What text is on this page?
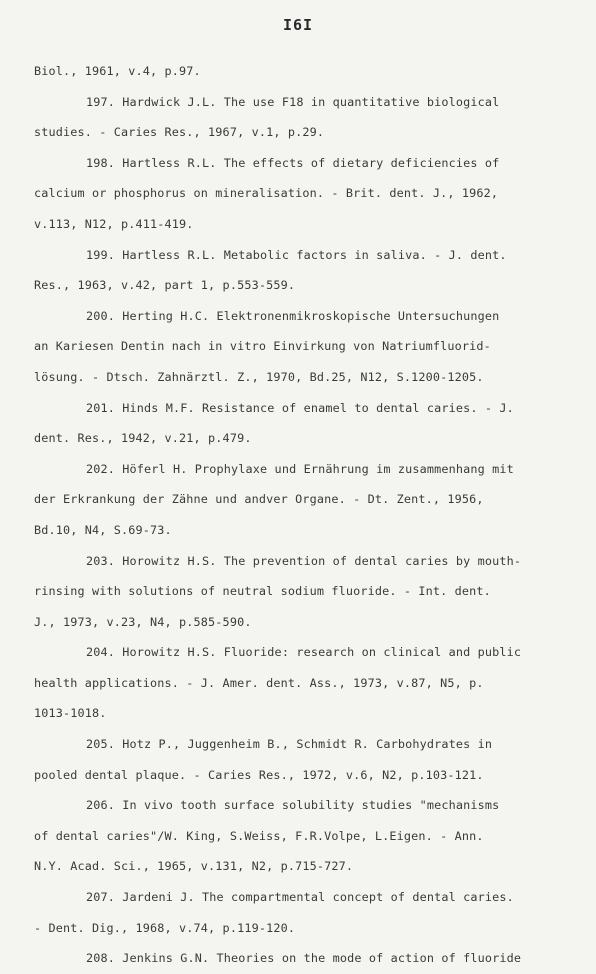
I6I
Biol., 1961, v.4, p.97.
197. Hardwick J.L. The use F18 in quantitative biological
studies. - Caries Res., 1967, v.1, p.29.
198. Hartless R.L. The effects of dietary deficiencies of
calcium or phosphorus on mineralisation. - Brit. dent. J., 1962,
v.113, N12, p.411-419.
199. Hartless R.L. Metabolic factors in saliva. - J. dent.
Res., 1963, v.42, part 1, p.553-559.
200. Herting H.C. Elektronenmikroskopische Untersuchungen
an Kariesen Dentin nach in vitro Einvirkung von Natriumfluorid-
lösung. - Dtsch. Zahnärztl. Z., 1970, Bd.25, N12, S.1200-1205.
201. Hinds M.F. Resistance of enamel to dental caries. - J.
dent. Res., 1942, v.21, p.479.
202. Höferl H. Prophylaxe und Ernährung im zusammenhang mit
der Erkrankung der Zähne und andver Organe. - Dt. Zent., 1956,
Bd.10, N4, S.69-73.
203. Horowitz H.S. The prevention of dental caries by mouth-
rinsing with solutions of neutral sodium fluoride. - Int. dent.
J., 1973, v.23, N4, p.585-590.
204. Horowitz H.S. Fluoride: research on clinical and public
health applications. - J. Amer. dent. Ass., 1973, v.87, N5, p.
1013-1018.
205. Hotz P., Juggenheim B., Schmidt R. Carbohydrates in
pooled dental plaque. - Caries Res., 1972, v.6, N2, p.103-121.
206. In vivo tooth surface solubility studies "mechanisms
of dental caries"/W. King, S.Weiss, F.R.Volpe, L.Eigen. - Ann.
N.Y. Acad. Sci., 1965, v.131, N2, p.715-727.
207. Jardeni J. The compartmental concept of dental caries.
- Dent. Dig., 1968, v.74, p.119-120.
208. Jenkins G.N. Theories on the mode of action of fluoride
